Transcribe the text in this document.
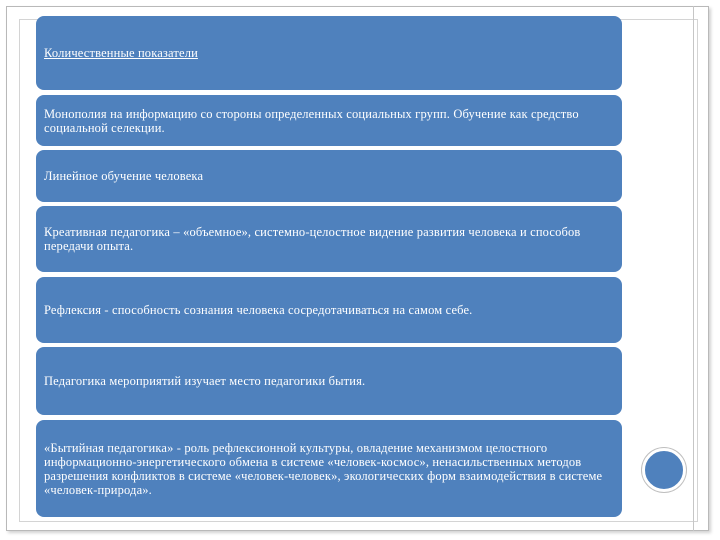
Количественные показатели
Монополия на информацию со стороны определенных социальных групп. Обучение как средство социальной селекции.
Линейное обучение человека
Креативная педагогика – «объемное», системно-целостное видение развития человека и способов передачи опыта.
Рефлексия - способность сознания человека сосредотачиваться на самом себе.
Педагогика мероприятий изучает место педагогики бытия.
«Бытийная педагогика» - роль рефлексионной культуры, овладение механизмом целостного информационно-энергетического обмена в системе «человек-космос», ненасильственных методов разрешения конфликтов в системе «человек-человек», экологических форм взаимодействия в системе «человек-природа».
